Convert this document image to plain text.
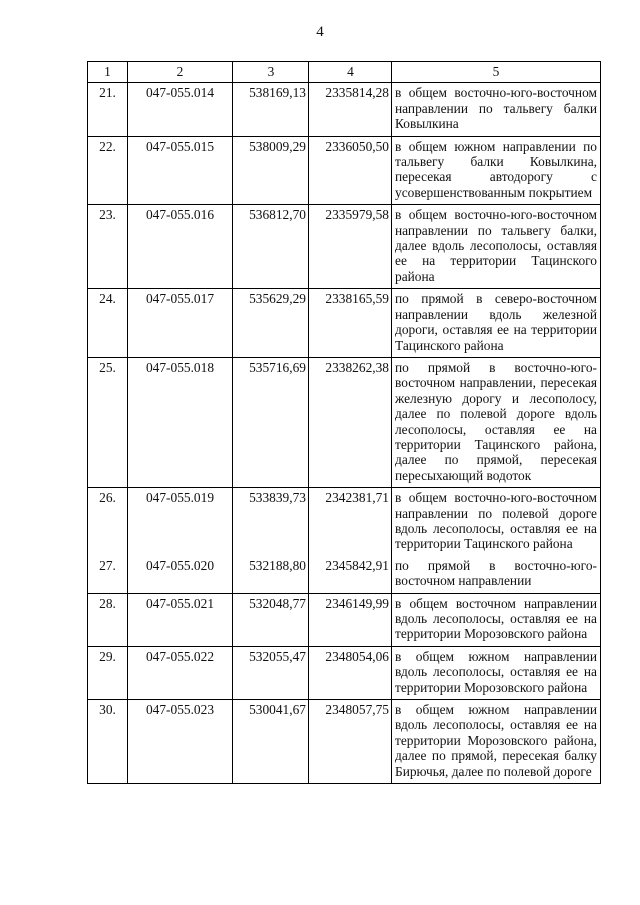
4
1	2	3	4	5
21.	047-055.014	538169,13	2335814,28	в общем восточно-юго-восточном направлении по тальвегу балки Ковылкина
22.	047-055.015	538009,29	2336050,50	в общем южном направлении по тальвегу балки Ковылкина, пересекая автодорогу с усовершенствованным покрытием
23.	047-055.016	536812,70	2335979,58	в общем восточно-юго-восточном направлении по тальвегу балки, далее вдоль лесополосы, оставляя ее на территории Тацинского района
24.	047-055.017	535629,29	2338165,59	по прямой в северо-восточном направлении вдоль железной дороги, оставляя ее на территории Тацинского района
25.	047-055.018	535716,69	2338262,38	по прямой в восточно-юго-восточном направлении, пересекая железную дорогу и лесополосу, далее по полевой дороге вдоль лесополосы, оставляя ее на территории Тацинского района, далее по прямой, пересекая пересыхающий водоток
26.	047-055.019	533839,73	2342381,71	в общем восточно-юго-восточном направлении по полевой дороге вдоль лесополосы, оставляя ее на территории Тацинского района
27.	047-055.020	532188,80	2345842,91	по прямой в восточно-юго-восточном направлении
28.	047-055.021	532048,77	2346149,99	в общем восточном направлении вдоль лесополосы, оставляя ее на территории Морозовского района
29.	047-055.022	532055,47	2348054,06	в общем южном направлении вдоль лесополосы, оставляя ее на территории Морозовского района
30.	047-055.023	530041,67	2348057,75	в общем южном направлении вдоль лесополосы, оставляя ее на территории Морозовского района, далее по прямой, пересекая балку Бирючья, далее по полевой дороге
